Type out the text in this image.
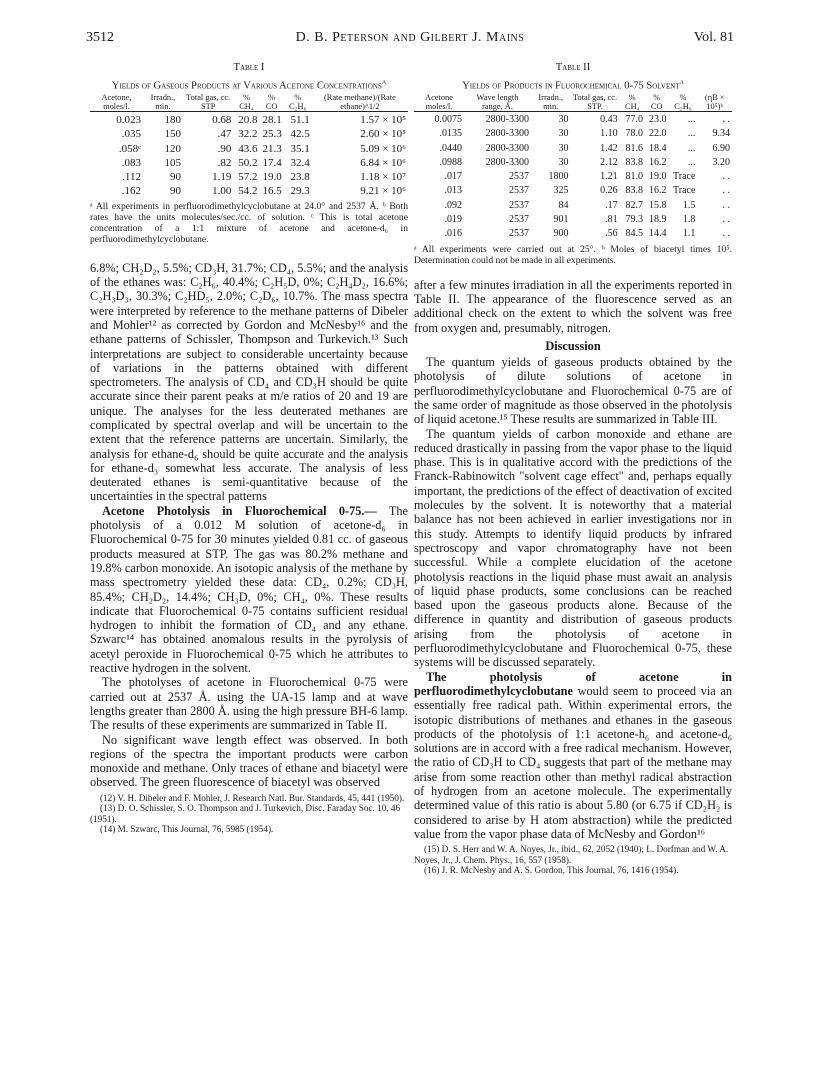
3512	D. B. Peterson and Gilbert J. Mains	Vol. 81
Table I
Yields of Gaseous Products at Various Acetone Concentrations$^a$
Acetone, moles/l.	Irradn., min.	Total gas, cc. STP	% CH₄	% CO	% C₂H₆	(Rate methane)/(Rate ethane)^1/2

0.023	180	0.68	20.8	28.1	51.1	1.57 × 10⁵
.035	150	.47	32.2	25.3	42.5	2.60 × 10⁵
.058ᶜ	120	.90	43.6	21.3	35.1	5.09 × 10⁶
.083	105	.82	50.2	17.4	32.4	6.84 × 10⁶
.112	90	1.19	57.2	19.0	23.8	1.18 × 10⁷
.162	90	1.00	54.2	16.5	29.3	9.21 × 10⁶
ᵃ All experiments in perfluorodimethylcyclobutane at 24.0° and 2537 Å. ᵇ Both rates have the units molecules/sec./cc. of solution. ᶜ This is total acetone concentration of a 1:1 mixture of acetone and acetone-d₆ in perfluorodimethylcyclobutane.

6.8%; CH₂D₂, 5.5%; CD₃H, 31.7%; CD₄, 5.5%; and the analysis of the ethanes was: C₂H₆, 40.4%; C₂H₅D, 0%; C₂H₄D₂, 16.6%; C₂H₃D₃, 30.3%; C₂HD₅, 2.0%; C₂D₆, 10.7%. The mass spectra were interpreted by reference to the methane patterns of Dibeler and Mohler¹² as corrected by Gordon and McNesby¹⁶ and the ethane patterns of Schissler, Thompson and Turkevich.¹³ Such interpretations are subject to considerable uncertainty because of variations in the patterns obtained with different spectrometers. The analysis of CD₄ and CD₃H should be quite accurate since their parent peaks at m/e ratios of 20 and 19 are unique. The analyses for the less deuterated methanes are complicated by spectral overlap and will be uncertain to the extent that the reference patterns are uncertain. Similarly, the analysis for ethane-d₆ should be quite accurate and the analysis for ethane-d₃ somewhat less accurate. The analysis of less deuterated ethanes is semi-quantitative because of the uncertainties in the spectral patterns

Acetone Photolysis in Fluorochemical 0-75.— The photolysis of a 0.012 M solution of acetone-d₆ in Fluorochemical 0-75 for 30 minutes yielded 0.81 cc. of gaseous products measured at STP. The gas was 80.2% methane and 19.8% carbon monoxide. An isotopic analysis of the methane by mass spectrometry yielded these data: CD₄, 0.2%; CD₃H, 85.4%; CH₂D₂, 14.4%; CH₃D, 0%; CH₄, 0%. These results indicate that Fluorochemical 0-75 contains sufficient residual hydrogen to inhibit the formation of CD₄ and any ethane. Szwarc¹⁴ has obtained anomalous results in the pyrolysis of acetyl peroxide in Fluorochemical 0-75 which he attributes to reactive hydrogen in the solvent.

The photolyses of acetone in Fluorochemical 0-75 were carried out at 2537 Å. using the UA-15 lamp and at wave lengths greater than 2800 Å. using the high pressure BH-6 lamp. The results of these experiments are summarized in Table II.

No significant wave length effect was observed. In both regions of the spectra the important products were carbon monoxide and methane. Only traces of ethane and biacetyl were observed. The green fluorescence of biacetyl was observed

(12) V. H. Dibeler and F. Mohler, J. Research Natl. Bur. Standards, 45, 441 (1950).
(13) D. O. Schissler, S. O. Thompson and J. Turkevich, Disc. Faraday Soc. 10, 46 (1951).
(14) M. Szwarc, This Journal, 76, 5985 (1954).
Table II
Yields of Products in Fluorochemical 0-75 Solvent$^a$
Acetone moles/l.	Wave length range, Å.	Irradn., min.	Total gas, cc. STP.	% CH₄	% CO	% C₂H₆	(ηB × 10⁵)ᵇ

0.0075	2800-3300	30	0.43	77.0	23.0	...	. .
.0135	2800-3300	30	1.10	78.0	22.0	...	9.34
.0440	2800-3300	30	1.42	81.6	18.4	...	6.90
.0988	2800-3300	30	2.12	83.8	16.2	...	3.20
.017	2537	1800	1.21	81.0	19.0	Trace	. .
.013	2537	325	0.26	83.8	16.2	Trace	. .
.092	2537	84	.17	82.7	15.8	1.5	. .
.019	2537	901	.81	79.3	18.9	1.8	. .
.016	2537	900	.56	84.5	14.4	1.1	. .
ᵃ All experiments were carried out at 25°. ᵇ Moles of biacetyl times 10⁵. Determination could not be made in all experiments.

after a few minutes irradiation in all the experiments reported in Table II. The appearance of the fluorescence served as an additional check on the extent to which the solvent was free from oxygen and, presumably, nitrogen.

Discussion

The quantum yields of gaseous products obtained by the photolysis of dilute solutions of acetone in perfluorodimethylcyclobutane and Fluorochemical 0-75 are of the same order of magnitude as those observed in the photolysis of liquid acetone.¹⁵ These results are summarized in Table III.

The quantum yields of carbon monoxide and ethane are reduced drastically in passing from the vapor phase to the liquid phase. This is in qualitative accord with the predictions of the Franck-Rabinowitch "solvent cage effect" and, perhaps equally important, the predictions of the effect of deactivation of excited molecules by the solvent. It is noteworthy that a material balance has not been achieved in earlier investigations nor in this study. Attempts to identify liquid products by infrared spectroscopy and vapor chromatography have not been successful. While a complete elucidation of the acetone photolysis reactions in the liquid phase must await an analysis of liquid phase products, some conclusions can be reached based upon the gaseous products alone. Because of the difference in quantity and distribution of gaseous products arising from the photolysis of acetone in perfluorodimethylcyclobutane and Fluorochemical 0-75, these systems will be discussed separately.

The photolysis of acetone in perfluorodimethylcyclobutane would seem to proceed via an essentially free radical path. Within experimental errors, the isotopic distributions of methanes and ethanes in the gaseous products of the photolysis of 1:1 acetone-h₆ and acetone-d₆ solutions are in accord with a free radical mechanism. However, the ratio of CD₃H to CD₄ suggests that part of the methane may arise from some reaction other than methyl radical abstraction of hydrogen from an acetone molecule. The experimentally determined value of this ratio is about 5.80 (or 6.75 if CD₂H₂ is considered to arise by H atom abstraction) while the predicted value from the vapor phase data of McNesby and Gordon¹⁶

(15) D. S. Herr and W. A. Noyes, Jr., ibid., 62, 2052 (1940); L. Dorfman and W. A. Noyes, Jr., J. Chem. Phys., 16, 557 (1958).
(16) J. R. McNesby and A. S. Gordon, This Journal, 76, 1416 (1954).
